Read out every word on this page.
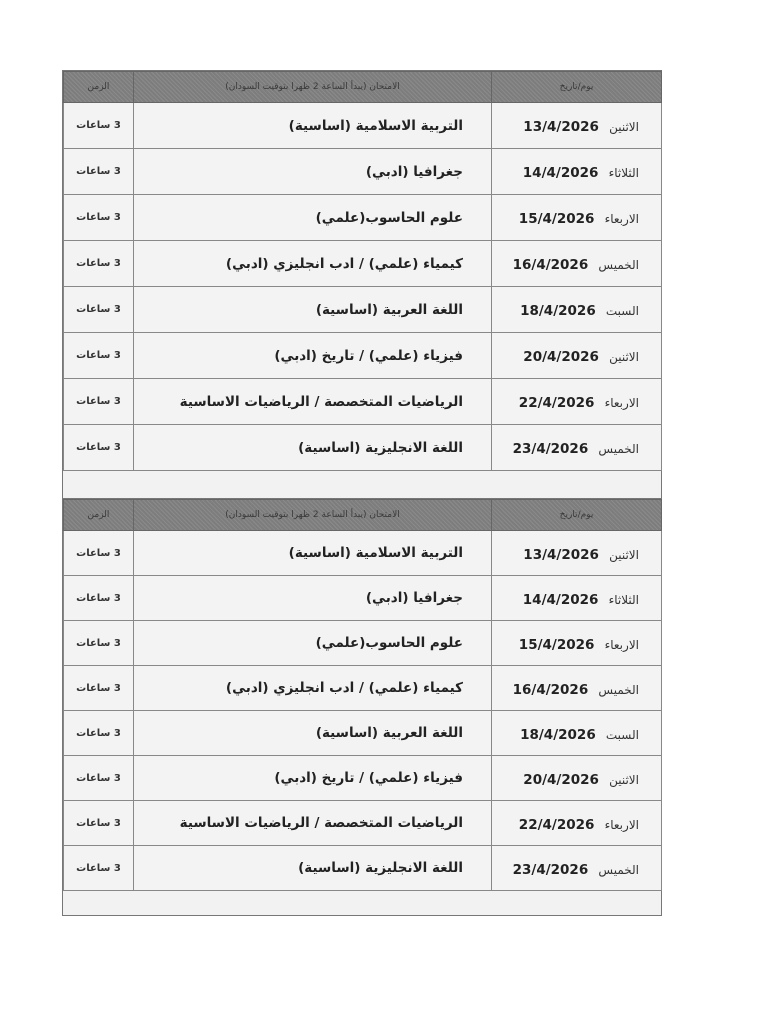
الزمن	الامتحان (يبدأ الساعة 2 ظهرا بتوقيت السودان)	يوم/تاريخ
3 ساعات	التربية الاسلامية (اساسية)	الاثنين  13/4/2026
3 ساعات	جغرافيا (ادبي)	الثلاثاء  14/4/2026
3 ساعات	علوم الحاسوب(علمي)	الاربعاء  15/4/2026
3 ساعات	كيمياء (علمي) / ادب انجليزي (ادبي)	الخميس  16/4/2026
3 ساعات	اللغة العربية (اساسية)	السبت  18/4/2026
3 ساعات	فيزياء (علمي) / تاريخ (ادبي)	الاثنين  20/4/2026
3 ساعات	الرياضيات المتخصصة / الرياضيات الاساسية	الاربعاء  22/4/2026
3 ساعات	اللغة الانجليزية (اساسية)	الخميس  23/4/2026
الزمن	الامتحان (يبدأ الساعة 2 ظهرا بتوقيت السودان)	يوم/تاريخ
3 ساعات	التربية الاسلامية (اساسية)	الاثنين  13/4/2026
3 ساعات	جغرافيا (ادبي)	الثلاثاء  14/4/2026
3 ساعات	علوم الحاسوب(علمي)	الاربعاء  15/4/2026
3 ساعات	كيمياء (علمي) / ادب انجليزي (ادبي)	الخميس  16/4/2026
3 ساعات	اللغة العربية (اساسية)	السبت  18/4/2026
3 ساعات	فيزياء (علمي) / تاريخ (ادبي)	الاثنين  20/4/2026
3 ساعات	الرياضيات المتخصصة / الرياضيات الاساسية	الاربعاء  22/4/2026
3 ساعات	اللغة الانجليزية (اساسية)	الخميس  23/4/2026
